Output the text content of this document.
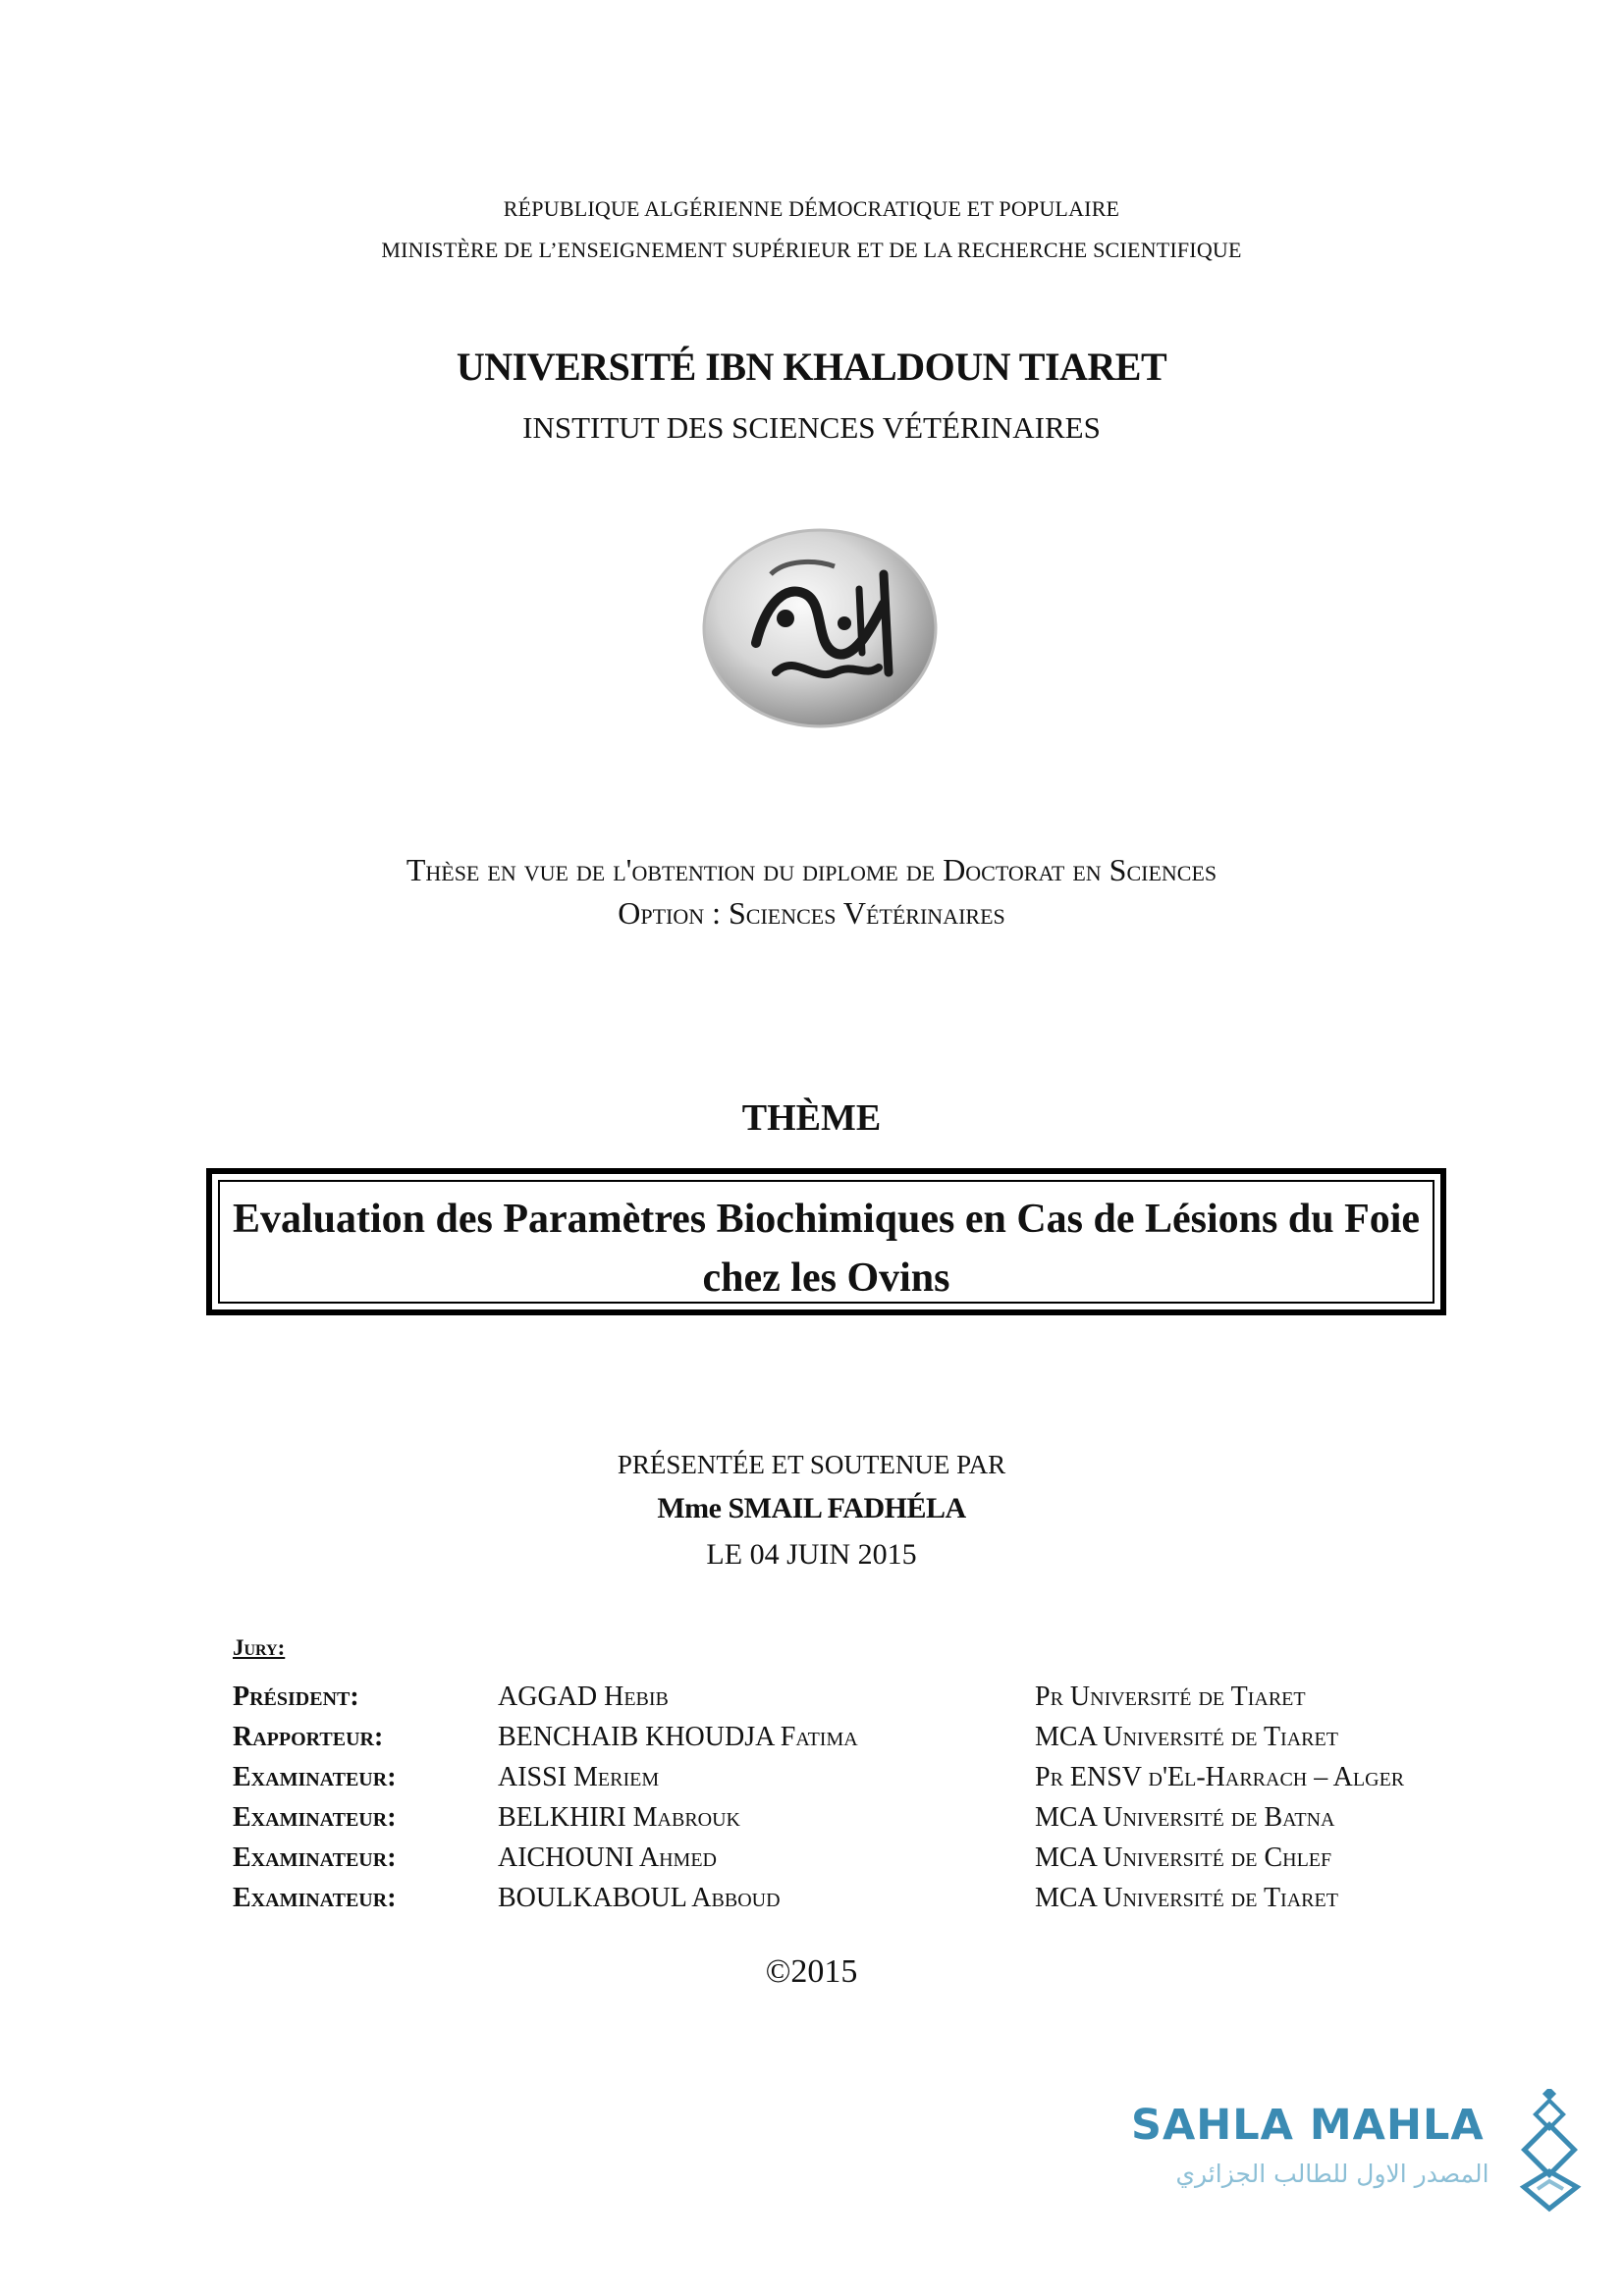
RÉPUBLIQUE ALGÉRIENNE DÉMOCRATIQUE ET POPULAIRE
MINISTÈRE DE L’ENSEIGNEMENT SUPÉRIEUR ET DE LA RECHERCHE SCIENTIFIQUE
UNIVERSITÉ IBN KHALDOUN TIARET
INSTITUT DES SCIENCES VÉTÉRINAIRES
Thèse en vue de l'obtention du diplome de Doctorat en Sciences
Option : Sciences Vétérinaires
THÈME
Evaluation des Paramètres Biochimiques en Cas de Lésions du Foie chez les Ovins
PRÉSENTÉE ET SOUTENUE PAR
Mme SMAIL FADHÉLA
LE 04 JUIN 2015
Jury:
Président:	AGGAD Hebib	Pr Université de Tiaret
Rapporteur:	BENCHAIB KHOUDJA Fatima	MCA Université de Tiaret
Examinateur:	AISSI Meriem	Pr ENSV d'El-Harrach – Alger
Examinateur:	BELKHIRI Mabrouk	MCA Université de Batna
Examinateur:	AICHOUNI Ahmed	MCA Université de Chlef
Examinateur:	BOULKABOUL Abboud	MCA Université de Tiaret
©2015
SAHLA MAHLA
المصدر الاول للطالب الجزائري
